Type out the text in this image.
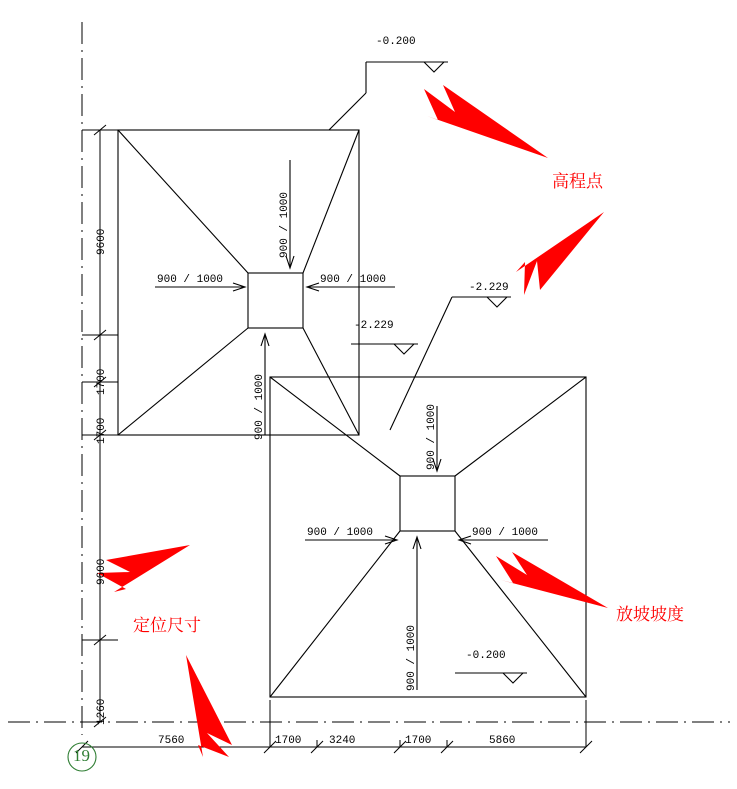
-0.200
-2.229
-2.229
-0.200
900 / 1000
900 / 1000	900 / 1000
900 / 1000	900 / 1000
900 / 1000	900 / 1000
900 / 1000
9600
1700
1700
9600
1260
7560	1700	3240	1700	5860
高程点
放坡坡度
定位尺寸
19
